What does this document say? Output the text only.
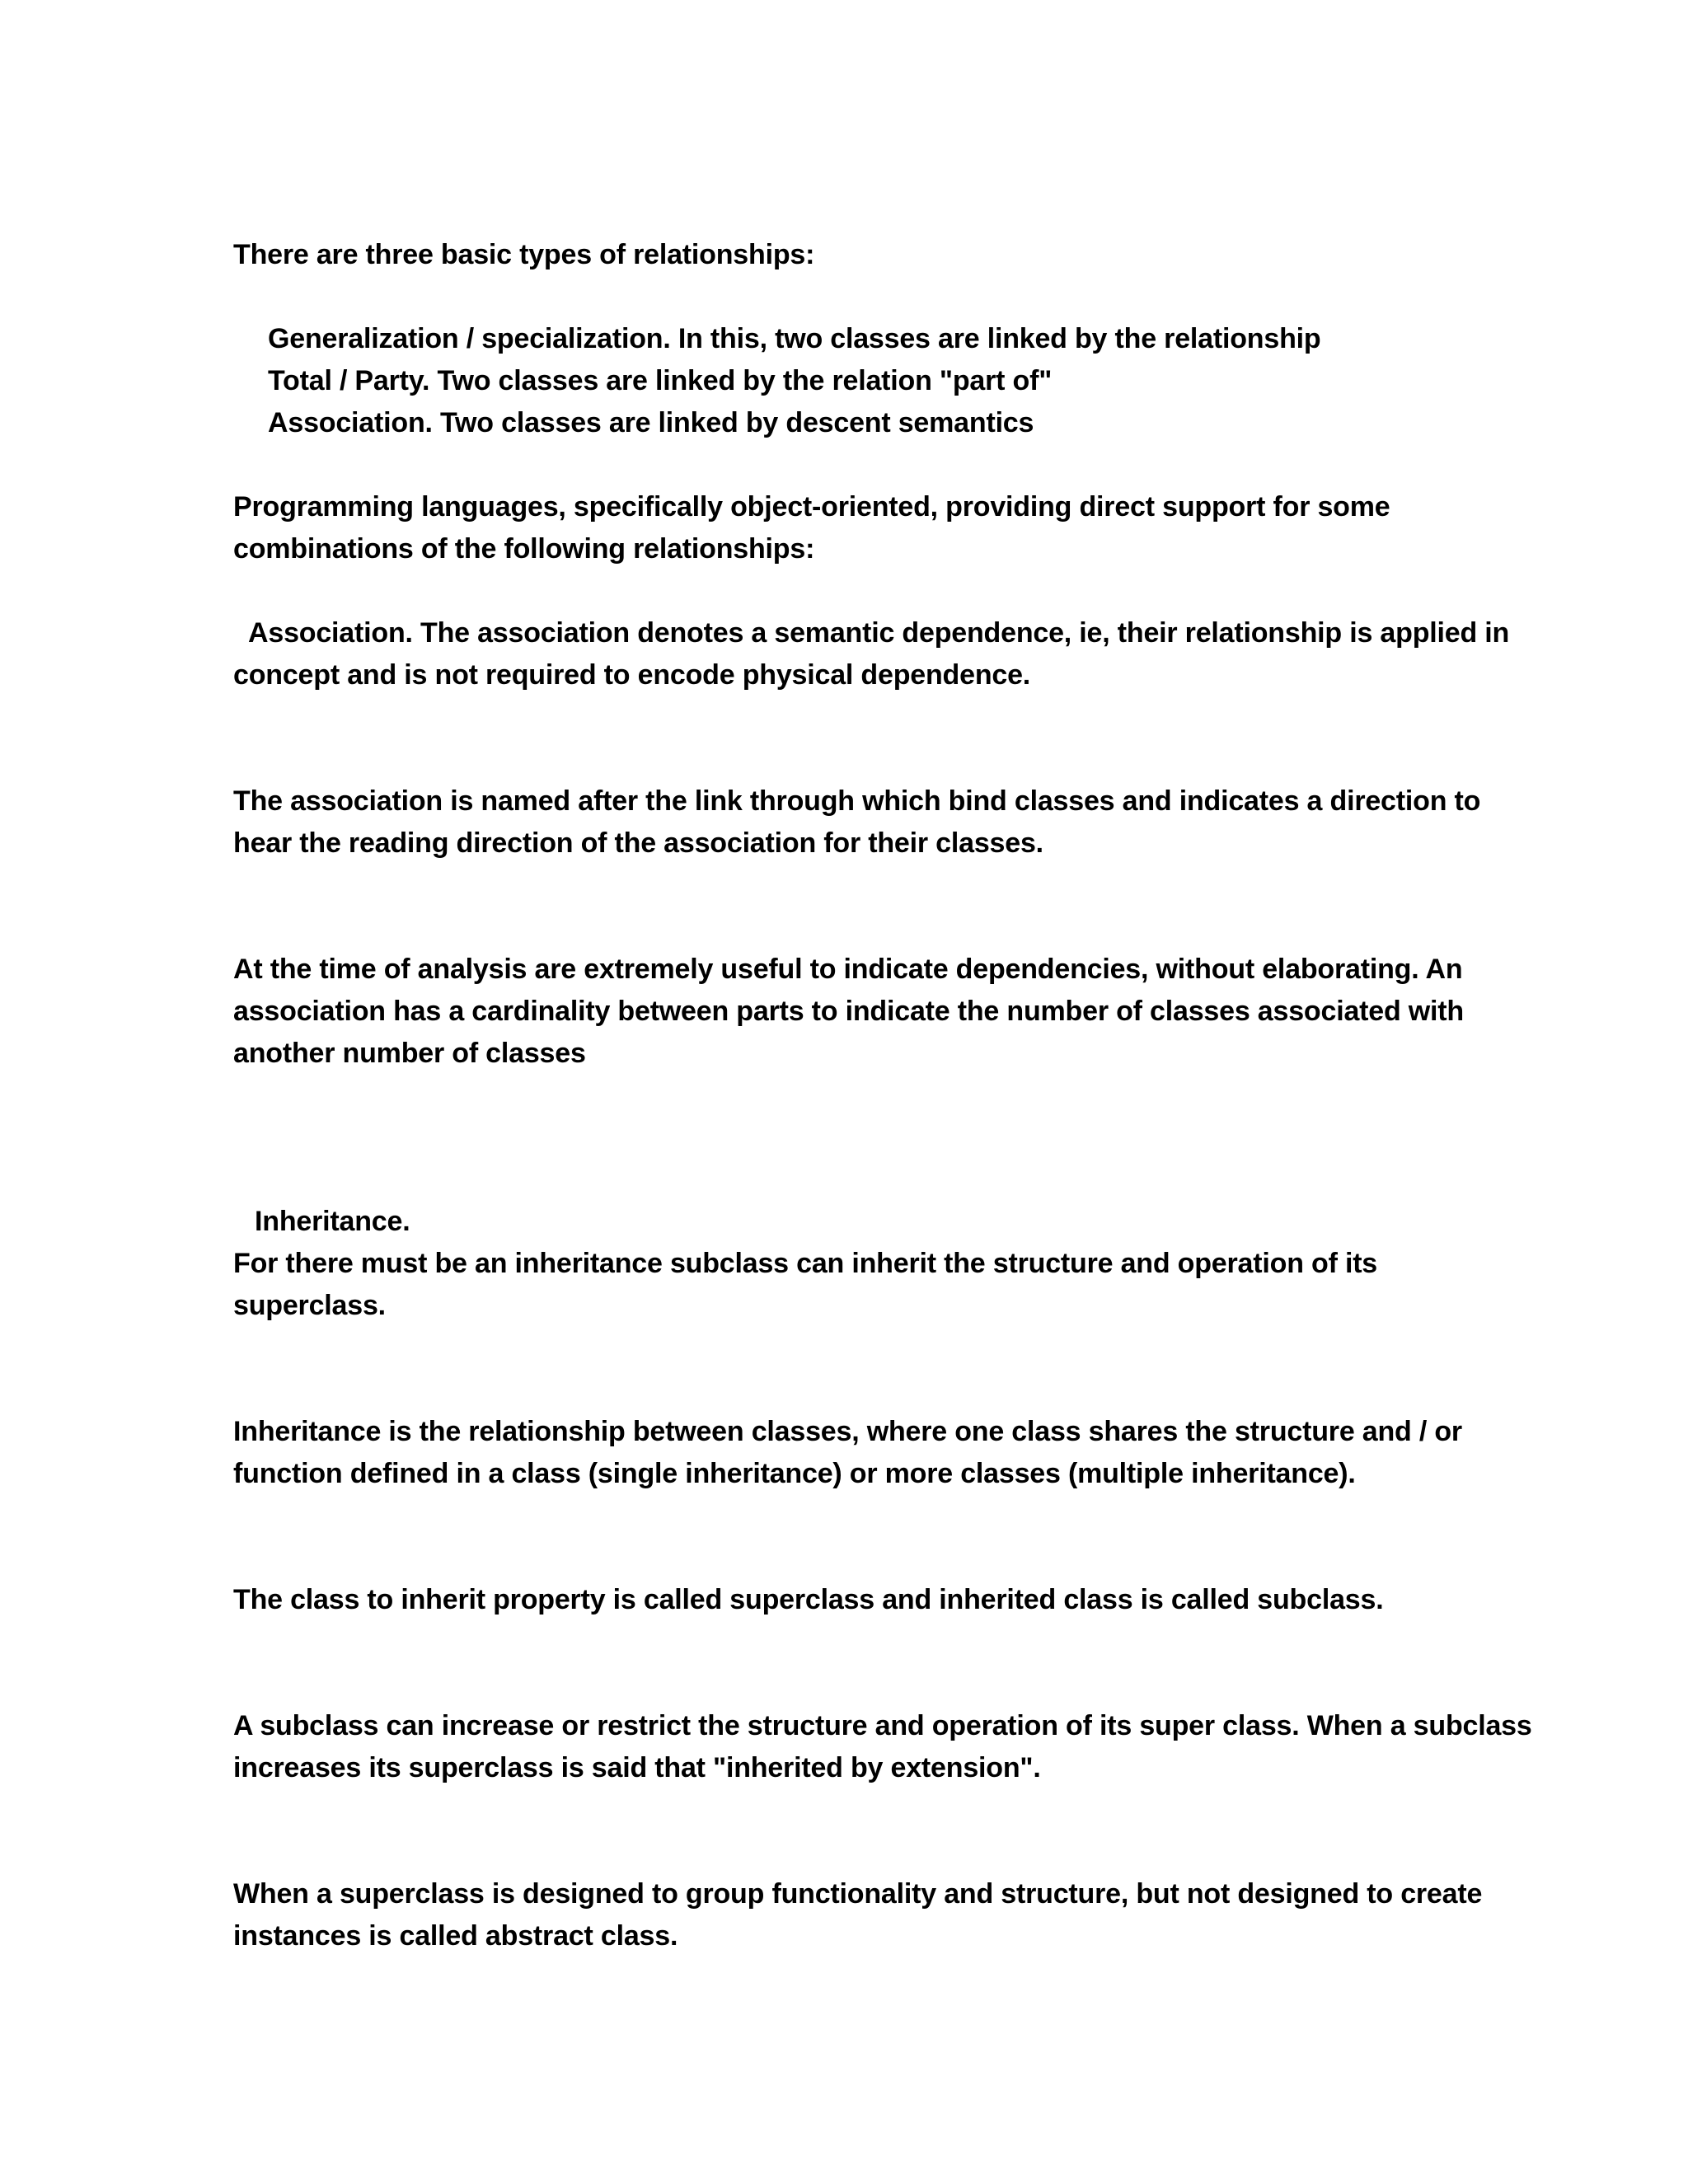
There are three basic types of relationships:
Generalization / specialization. In this, two classes are linked by the relationship
Total / Party. Two classes are linked by the relation "part of"
Association. Two classes are linked by descent semantics
Programming languages, specifically object-oriented, providing direct support for some
combinations of the following relationships:
Association. The association denotes a semantic dependence, ie, their relationship is applied in
concept and is not required to encode physical dependence.
The association is named after the link through which bind classes and indicates a direction to
hear the reading direction of the association for their classes.
At the time of analysis are extremely useful to indicate dependencies, without elaborating. An
association has a cardinality between parts to indicate the number of classes associated with
another number of classes
Inheritance.
For there must be an inheritance subclass can inherit the structure and operation of its
superclass.
Inheritance is the relationship between classes, where one class shares the structure and / or
function defined in a class (single inheritance) or more classes (multiple inheritance).
The class to inherit property is called superclass and inherited class is called subclass.
A subclass can increase or restrict the structure and operation of its super class. When a subclass
increases its superclass is said that "inherited by extension".
When a superclass is designed to group functionality and structure, but not designed to create
instances is called abstract class.
